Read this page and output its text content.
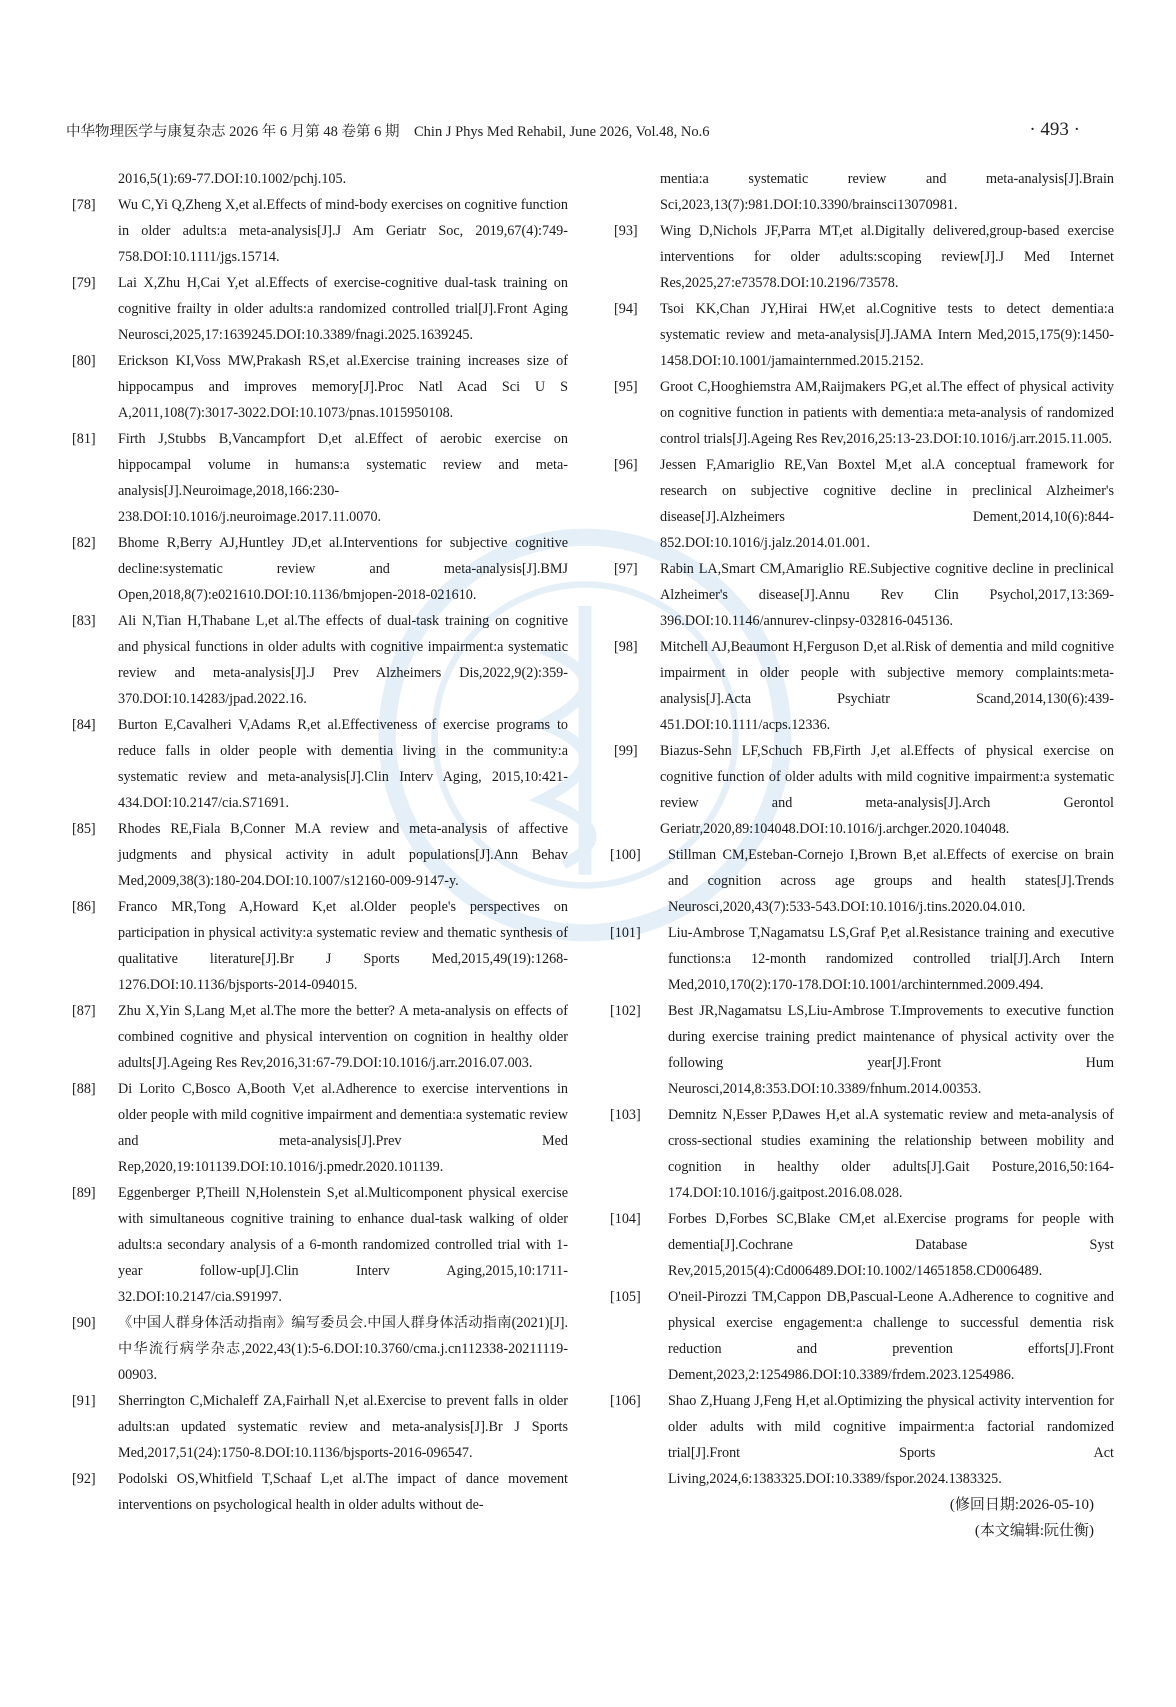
中华物理医学与康复杂志 2026 年 6 月第 48 卷第 6 期　Chin J Phys Med Rehabil, June 2026, Vol.48, No.6	· 493 ·

2016,5(1):69-77.DOI:10.1002/pchj.105.

[78] Wu C,Yi Q,Zheng X,et al.Effects of mind-body exercises on cognitive function in older adults:a meta-analysis[J].J Am Geriatr Soc, 2019,67(4):749-758.DOI:10.1111/jgs.15714.

[79] Lai X,Zhu H,Cai Y,et al.Effects of exercise-cognitive dual-task training on cognitive frailty in older adults:a randomized controlled trial[J].Front Aging Neurosci,2025,17:1639245.DOI:10.3389/fnagi.2025.1639245.

[80] Erickson KI,Voss MW,Prakash RS,et al.Exercise training increases size of hippocampus and improves memory[J].Proc Natl Acad Sci U S A,2011,108(7):3017-3022.DOI:10.1073/pnas.1015950108.

[81] Firth J,Stubbs B,Vancampfort D,et al.Effect of aerobic exercise on hippocampal volume in humans:a systematic review and meta-analysis[J].Neuroimage,2018,166:230-238.DOI:10.1016/j.neuroimage.2017.11.0070.

[82] Bhome R,Berry AJ,Huntley JD,et al.Interventions for subjective cognitive decline:systematic review and meta-analysis[J].BMJ Open,2018,8(7):e021610.DOI:10.1136/bmjopen-2018-021610.

[83] Ali N,Tian H,Thabane L,et al.The effects of dual-task training on cognitive and physical functions in older adults with cognitive impairment:a systematic review and meta-analysis[J].J Prev Alzheimers Dis,2022,9(2):359-370.DOI:10.14283/jpad.2022.16.

[84] Burton E,Cavalheri V,Adams R,et al.Effectiveness of exercise programs to reduce falls in older people with dementia living in the community:a systematic review and meta-analysis[J].Clin Interv Aging, 2015,10:421-434.DOI:10.2147/cia.S71691.

[85] Rhodes RE,Fiala B,Conner M.A review and meta-analysis of affective judgments and physical activity in adult populations[J].Ann Behav Med,2009,38(3):180-204.DOI:10.1007/s12160-009-9147-y.

[86] Franco MR,Tong A,Howard K,et al.Older people's perspectives on participation in physical activity:a systematic review and thematic synthesis of qualitative literature[J].Br J Sports Med,2015,49(19):1268-1276.DOI:10.1136/bjsports-2014-094015.

[87] Zhu X,Yin S,Lang M,et al.The more the better? A meta-analysis on effects of combined cognitive and physical intervention on cognition in healthy older adults[J].Ageing Res Rev,2016,31:67-79.DOI:10.1016/j.arr.2016.07.003.

[88] Di Lorito C,Bosco A,Booth V,et al.Adherence to exercise interventions in older people with mild cognitive impairment and dementia:a systematic review and meta-analysis[J].Prev Med Rep,2020,19:101139.DOI:10.1016/j.pmedr.2020.101139.

[89] Eggenberger P,Theill N,Holenstein S,et al.Multicomponent physical exercise with simultaneous cognitive training to enhance dual-task walking of older adults:a secondary analysis of a 6-month randomized controlled trial with 1-year follow-up[J].Clin Interv Aging,2015,10:1711-32.DOI:10.2147/cia.S91997.

[90] 《中国人群身体活动指南》编写委员会.中国人群身体活动指南(2021)[J].中华流行病学杂志,2022,43(1):5-6.DOI:10.3760/cma.j.cn112338-20211119-00903.

[91] Sherrington C,Michaleff ZA,Fairhall N,et al.Exercise to prevent falls in older adults:an updated systematic review and meta-analysis[J].Br J Sports Med,2017,51(24):1750-8.DOI:10.1136/bjsports-2016-096547.

[92] Podolski OS,Whitfield T,Schaaf L,et al.The impact of dance movement interventions on psychological health in older adults without de-

mentia:a systematic review and meta-analysis[J].Brain Sci,2023,13(7):981.DOI:10.3390/brainsci13070981.

[93] Wing D,Nichols JF,Parra MT,et al.Digitally delivered,group-based exercise interventions for older adults:scoping review[J].J Med Internet Res,2025,27:e73578.DOI:10.2196/73578.

[94] Tsoi KK,Chan JY,Hirai HW,et al.Cognitive tests to detect dementia:a systematic review and meta-analysis[J].JAMA Intern Med,2015,175(9):1450-1458.DOI:10.1001/jamainternmed.2015.2152.

[95] Groot C,Hooghiemstra AM,Raijmakers PG,et al.The effect of physical activity on cognitive function in patients with dementia:a meta-analysis of randomized control trials[J].Ageing Res Rev,2016,25:13-23.DOI:10.1016/j.arr.2015.11.005.

[96] Jessen F,Amariglio RE,Van Boxtel M,et al.A conceptual framework for research on subjective cognitive decline in preclinical Alzheimer's disease[J].Alzheimers Dement,2014,10(6):844-852.DOI:10.1016/j.jalz.2014.01.001.

[97] Rabin LA,Smart CM,Amariglio RE.Subjective cognitive decline in preclinical Alzheimer's disease[J].Annu Rev Clin Psychol,2017,13:369-396.DOI:10.1146/annurev-clinpsy-032816-045136.

[98] Mitchell AJ,Beaumont H,Ferguson D,et al.Risk of dementia and mild cognitive impairment in older people with subjective memory complaints:meta-analysis[J].Acta Psychiatr Scand,2014,130(6):439-451.DOI:10.1111/acps.12336.

[99] Biazus-Sehn LF,Schuch FB,Firth J,et al.Effects of physical exercise on cognitive function of older adults with mild cognitive impairment:a systematic review and meta-analysis[J].Arch Gerontol Geriatr,2020,89:104048.DOI:10.1016/j.archger.2020.104048.

[100] Stillman CM,Esteban-Cornejo I,Brown B,et al.Effects of exercise on brain and cognition across age groups and health states[J].Trends Neurosci,2020,43(7):533-543.DOI:10.1016/j.tins.2020.04.010.

[101] Liu-Ambrose T,Nagamatsu LS,Graf P,et al.Resistance training and executive functions:a 12-month randomized controlled trial[J].Arch Intern Med,2010,170(2):170-178.DOI:10.1001/archinternmed.2009.494.

[102] Best JR,Nagamatsu LS,Liu-Ambrose T.Improvements to executive function during exercise training predict maintenance of physical activity over the following year[J].Front Hum Neurosci,2014,8:353.DOI:10.3389/fnhum.2014.00353.

[103] Demnitz N,Esser P,Dawes H,et al.A systematic review and meta-analysis of cross-sectional studies examining the relationship between mobility and cognition in healthy older adults[J].Gait Posture,2016,50:164-174.DOI:10.1016/j.gaitpost.2016.08.028.

[104] Forbes D,Forbes SC,Blake CM,et al.Exercise programs for people with dementia[J].Cochrane Database Syst Rev,2015,2015(4):Cd006489.DOI:10.1002/14651858.CD006489.

[105] O'neil-Pirozzi TM,Cappon DB,Pascual-Leone A.Adherence to cognitive and physical exercise engagement:a challenge to successful dementia risk reduction and prevention efforts[J].Front Dement,2023,2:1254986.DOI:10.3389/frdem.2023.1254986.

[106] Shao Z,Huang J,Feng H,et al.Optimizing the physical activity intervention for older adults with mild cognitive impairment:a factorial randomized trial[J].Front Sports Act Living,2024,6:1383325.DOI:10.3389/fspor.2024.1383325.

(修回日期:2026-05-10)

(本文编辑:阮仕衡)
